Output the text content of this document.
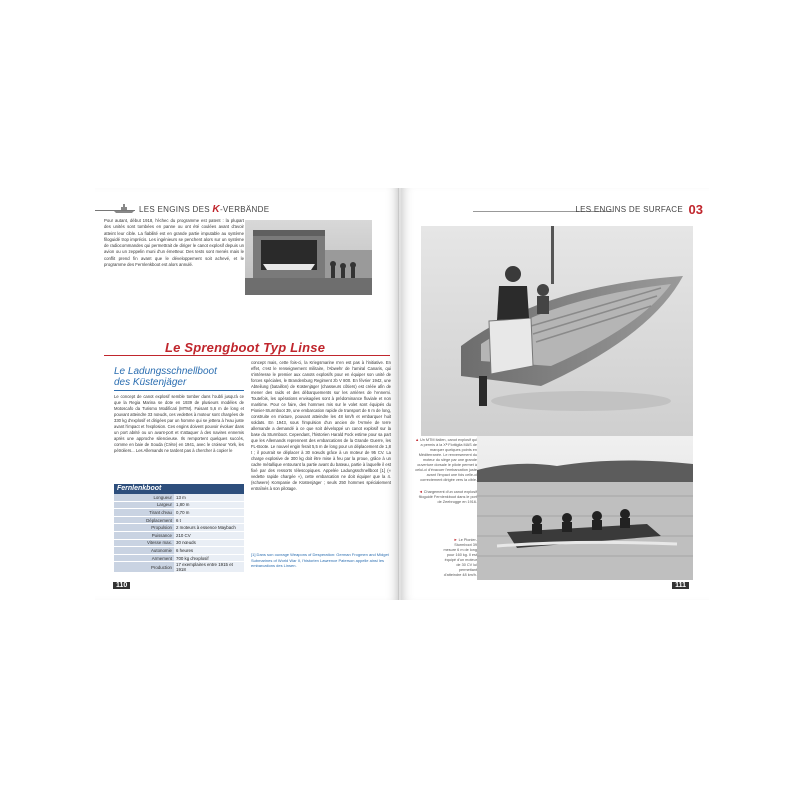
LES ENGINS DES K-VERBÄNDE
Pour autant, début 1918, l'échec du programme est patent : la plupart des unités sont tombées en panne ou ont été coulées avant d'avoir atteint leur cible. La fiabilité est en grande partie imputable au système filoguidé trop imprécis. Les ingénieurs se penchent alors sur un système de radiocommandes qui permettrait de diriger le canot explosif depuis un avion ou un zeppelin muni d'un émetteur. Des tests sont menés mais le conflit prend fin avant que le développement soit achevé, et le programme des Fernlenkboot est alors annulé.
Le Sprengboot Typ Linse
Le Ladungsschnellboot
des Küstenjäger
Le concept de canot explosif semble tomber dans l'oubli jusqu'à ce que la Regia Marina se dote en 1939 de plusieurs modèles de Motoscafo da Turismo Modificati (MTM). Faisant 5,6 m de long et pouvant atteindre 33 nœuds, ces vedettes à moteur sont chargées de 330 kg d'explosif et dirigées par un homme qui se jettera à l'eau juste avant l'impact et l'explosion. Ces engins doivent pouvoir évoluer dans un port abrité ou un avant-port et s'attaquer à des navires ennemis après une approche silencieuse. Ils remportent quelques succès, comme en baie de Souda (Crète) en 1941, avec le croiseur York, les pétroliers... Les Allemands ne tardent pas à chercher à copier le
concept mais, cette fois-ci, la Kriegsmarine n'en est pas à l'initiative. En effet, c'est le renseignement militaire, l'Abwehr de l'amiral Canaris, qui s'intéresse le premier aux canots explosifs pour en équiper son unité de forces spéciales, le Brandenburg Regiment zb V 800. En février 1942, une Abteilung (bataillon) de Küstenjäger (chasseurs côtiers) est créée afin de mener des raids et des débarquements sur les arrières de l'ennemi. Toutefois, les opérations envisagées sont à prédominance fluviale et non maritime. Pour ce faire, des hommes mis sur le volet sont équipés du Pionier-Sturmboot 39, une embarcation rapide de transport de 6 m de long, construite en mixture, pouvant atteindre les 48 km/h et embarquer huit soldats. En 1943, sous l'impulsion d'un ancien de l'Armée de terre allemande a demandé à ce que soit développé un canot explosif sur la base du Sturmboot. Cependant, l'historien Harald Fock estime pour sa part que les Allemands reprennent des embarcations de la Grande Guerre, les FL-Boote. Le nouvel engin ferait 5,5 m de long pour un déplacement de 1,8 t ; il pourrait se déplacer à 30 nœuds grâce à un moteur de 95 CV. La charge explosive de 300 kg doit être mise à feu par la proue, grâce à un cadre métallique entourant la partie avant du bateau, partie à laquelle il est fixé par des ressorts télescopiques. Appelée Ladungsschnellboot [1] (« vedette rapide chargée »), cette embarcation ne doit équiper que la 4. (schwere) Kompanie de Küstenjäger ; seuls 250 hommes spécialement entraînés à son pilotage.
Fernlenkboot
Longueur	13 m
Largeur	1,80 m
Tirant d'eau	0,70 m
Déplacement	6 t
Propulsion	2 moteurs à essence Maybach
Puissance	210 CV
Vitesse max.	30 nœuds
Autonomie	6 heures
Armement	700 kg d'explosif
Production	17 exemplaires entre 1915 et 1918
[1] Dans son ouvrage Weapons of Desperation: German Frogmen and Midget Submarines of World War II, l'historien Lawrence Paterson appelle ainsi les embarcations des Linsen.
110
LES ENGINS DE SURFACE 03
▲ Un MTM italien, canot explosif qui a permis à la Xª Flottiglia MAS de marquer quelques points en Méditerranée. Le renversement du moteur du siège par une grande ouverture dorsale le pilote permet à celui-ci d'évacuer l'embarcation juste avant l'impact une fois celle-ci correctement dirigée vers la cible.
◄ Chargement d'un canot explosif filoguidé Fernlenkboot dans le port de Zeebrugge en 1916.
► Le Pionier-Sturmboot 39 mesure 6 m de long pour 160 kg. Il est équipé d'un moteur de 30 CV lui permettant d'atteindre 48 km/h.
111
